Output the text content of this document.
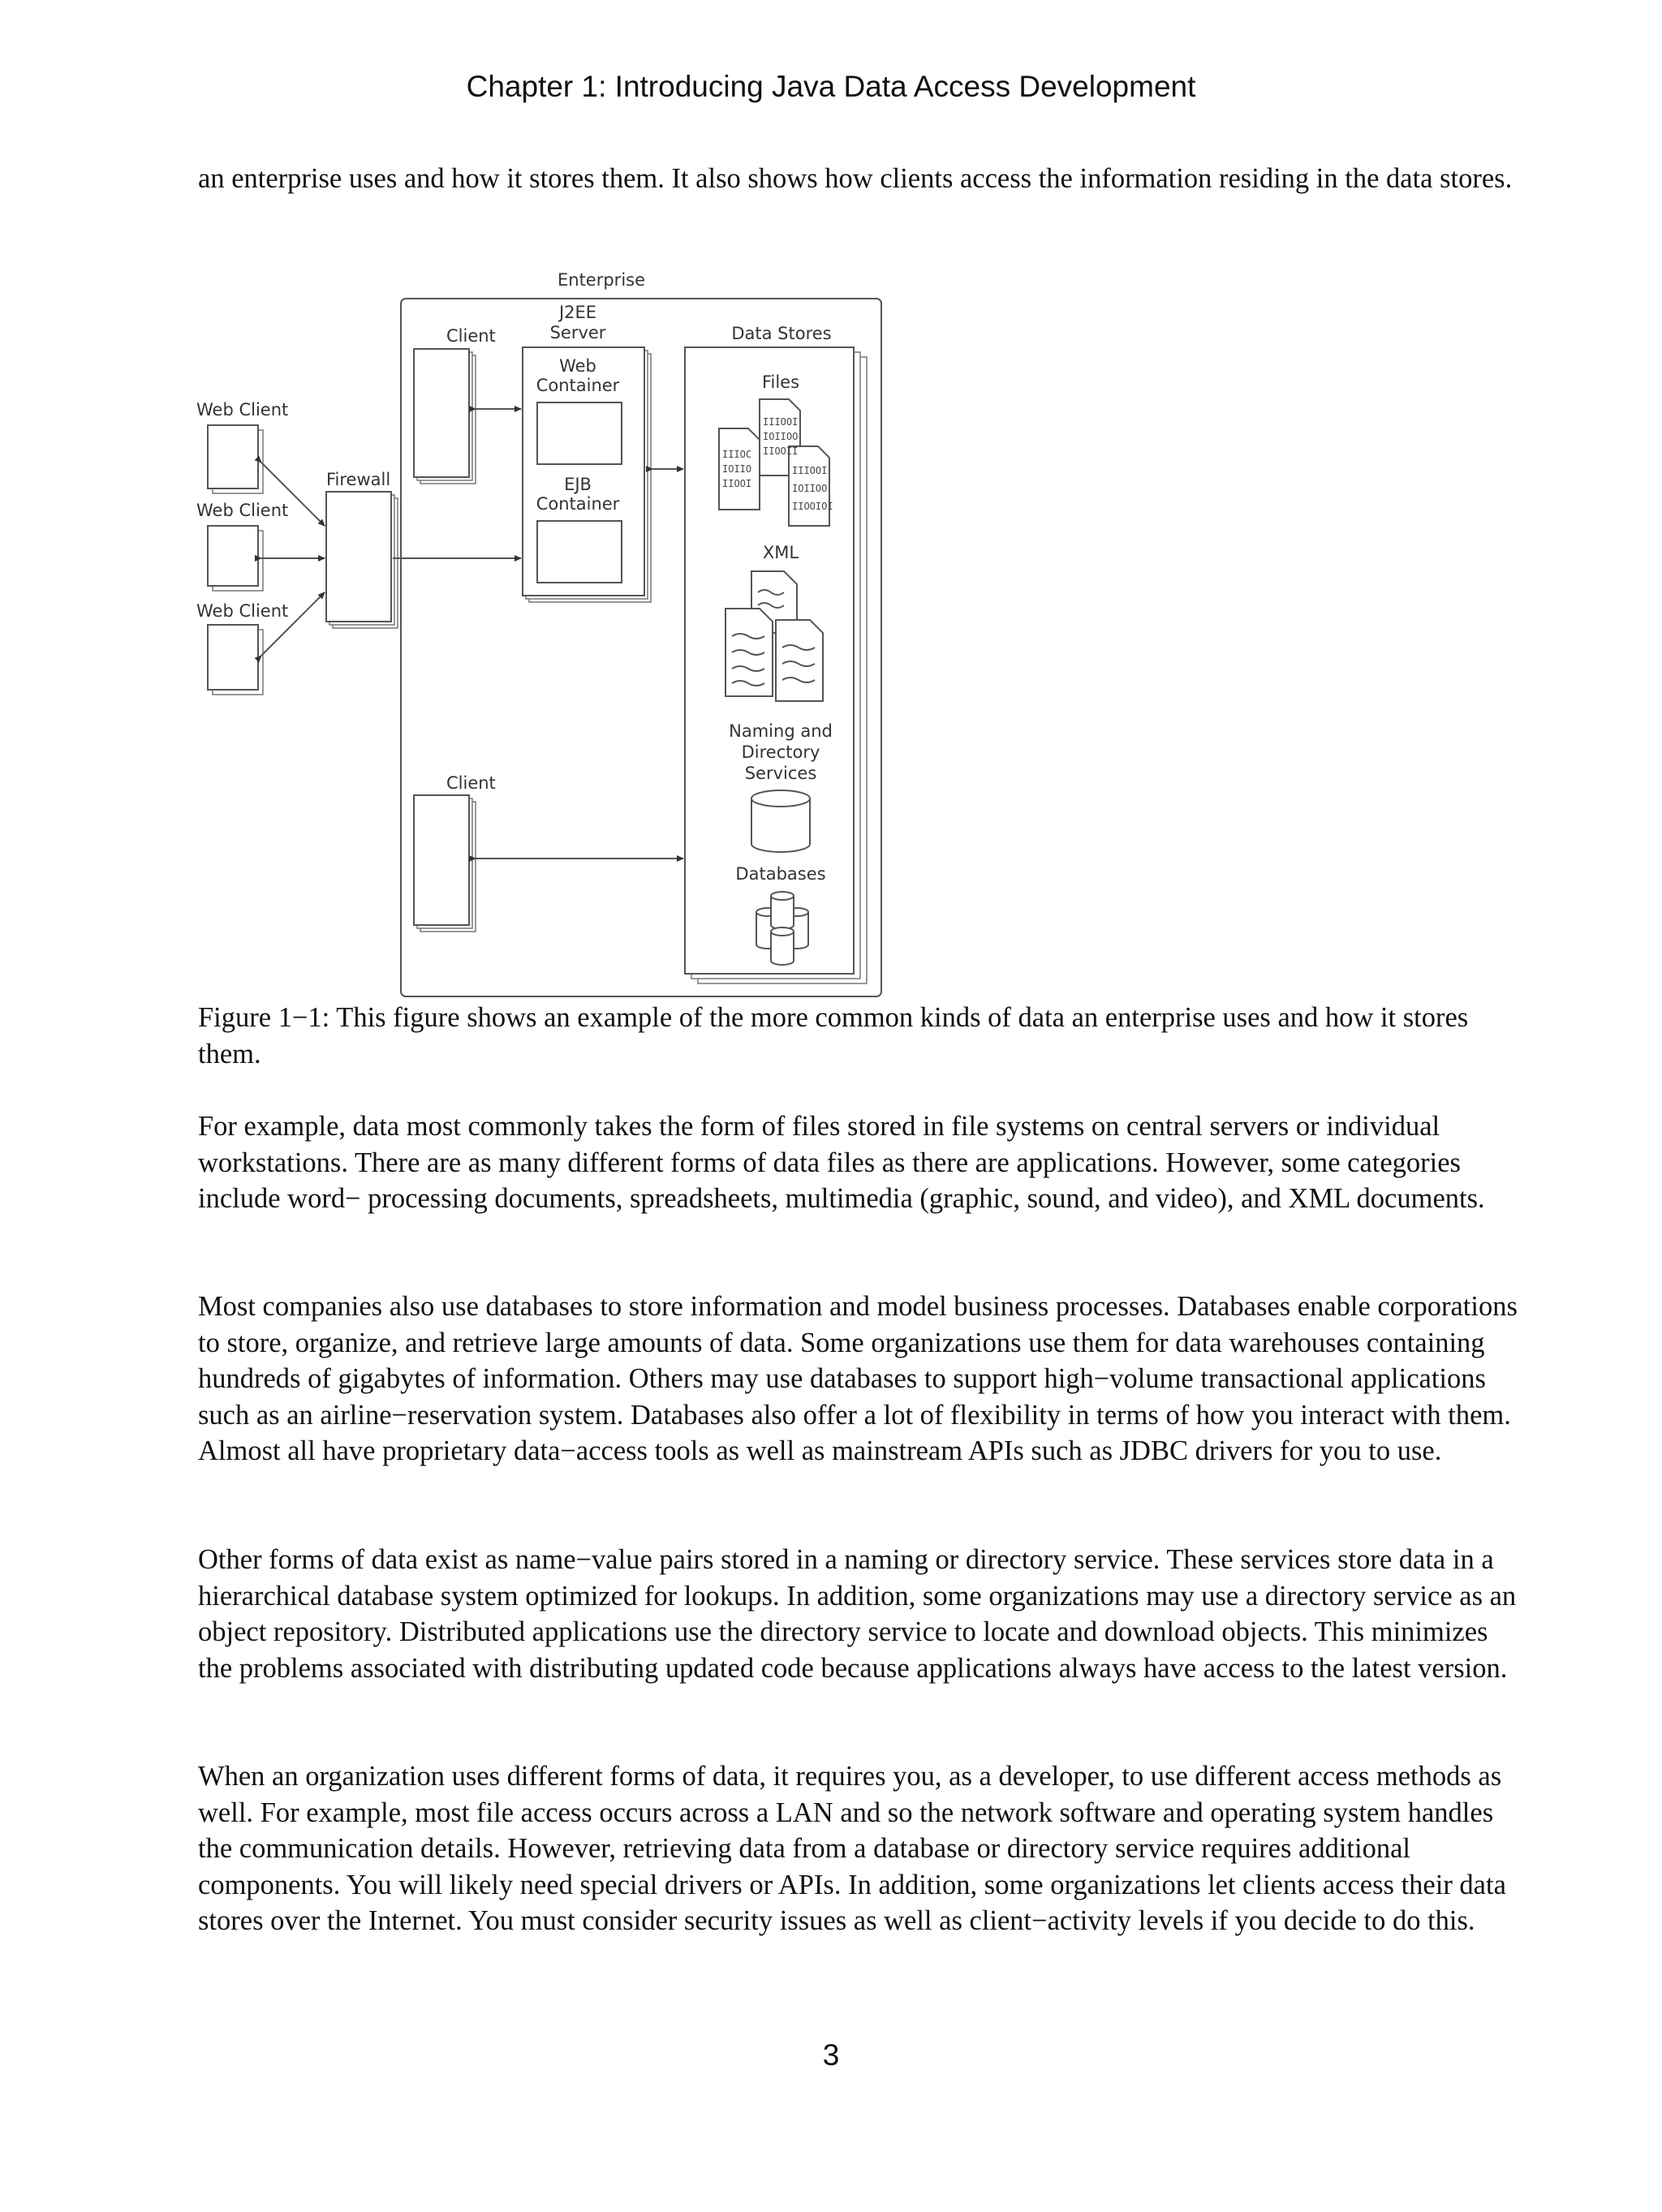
Chapter 1: Introducing Java Data Access Development

an enterprise uses and how it stores them. It also shows how clients access the information residing in the data stores.

Enterprise
Client
J2EE
Server
Web
Container
EJB
Container
Data Stores
Files
IIIOC
IOIIO
IIOOI
IIIOOI
IOIIOO
IIOOII
IIIOOI
IOIIOO
IIOOIOI
XML
Naming and
Directory
Services
Databases
Client
Web Client
Web Client
Web Client
Firewall

Figure 1−1: This figure shows an example of the more common kinds of data an enterprise uses and how it stores them.

For example, data most commonly takes the form of files stored in file systems on central servers or individual workstations. There are as many different forms of data files as there are applications. However, some categories include word− processing documents, spreadsheets, multimedia (graphic, sound, and video), and XML documents.

Most companies also use databases to store information and model business processes. Databases enable corporations to store, organize, and retrieve large amounts of data. Some organizations use them for data warehouses containing hundreds of gigabytes of information. Others may use databases to support high−volume transactional applications such as an airline−reservation system. Databases also offer a lot of flexibility in terms of how you interact with them. Almost all have proprietary data−access tools as well as mainstream APIs such as JDBC drivers for you to use.

Other forms of data exist as name−value pairs stored in a naming or directory service. These services store data in a hierarchical database system optimized for lookups. In addition, some organizations may use a directory service as an object repository. Distributed applications use the directory service to locate and download objects. This minimizes the problems associated with distributing updated code because applications always have access to the latest version.

When an organization uses different forms of data, it requires you, as a developer, to use different access methods as well. For example, most file access occurs across a LAN and so the network software and operating system handles the communication details. However, retrieving data from a database or directory service requires additional components. You will likely need special drivers or APIs. In addition, some organizations let clients access their data stores over the Internet. You must consider security issues as well as client−activity levels if you decide to do this.

3
